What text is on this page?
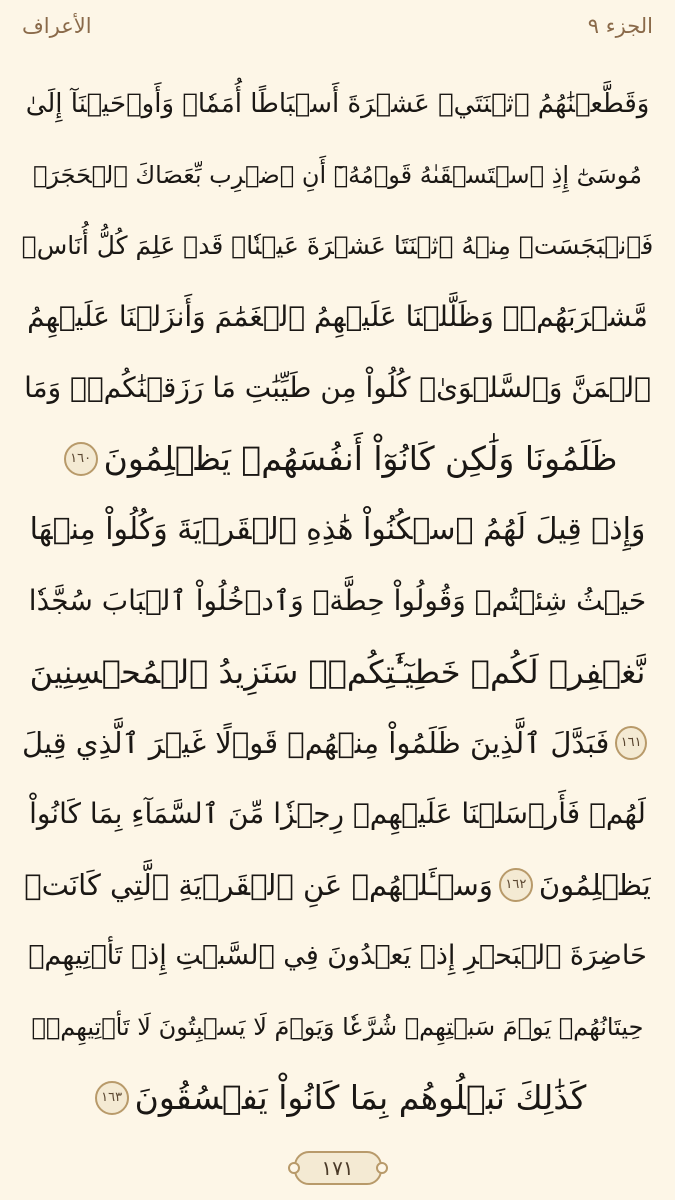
الجزء ٩
الأعراف
وَقَطَّعۡنَٰهُمُ ٱثۡنَتَيۡ عَشۡرَةَ أَسۡبَاطًا أُمَمٗاۚ وَأَوۡحَيۡنَآ إِلَىٰ
مُوسَىٰٓ إِذِ ٱسۡتَسۡقَىٰهُ قَوۡمُهُۥٓ أَنِ ٱضۡرِب بِّعَصَاكَ ٱلۡحَجَرَۖ
فَٱنۢبَجَسَتۡ مِنۡهُ ٱثۡنَتَا عَشۡرَةَ عَيۡنٗاۖ قَدۡ عَلِمَ كُلُّ أُنَاسٖ
مَّشۡرَبَهُمۡۚ وَظَلَّلۡنَا عَلَيۡهِمُ ٱلۡغَمَٰمَ وَأَنزَلۡنَا عَلَيۡهِمُ
ٱلۡمَنَّ وَٱلسَّلۡوَىٰۖ كُلُواْ مِن طَيِّبَٰتِ مَا رَزَقۡنَٰكُمۡۚ وَمَا
ظَلَمُونَا وَلَٰكِن كَانُوٓاْ أَنفُسَهُمۡ يَظۡلِمُونَ
١٦٠
وَإِذۡ قِيلَ لَهُمُ ٱسۡكُنُواْ هَٰذِهِ ٱلۡقَرۡيَةَ وَكُلُواْ مِنۡهَا
حَيۡثُ شِئۡتُمۡ وَقُولُواْ حِطَّةٞ وَٱدۡخُلُواْ ٱلۡبَابَ سُجَّدٗا
نَّغۡفِرۡ لَكُمۡ خَطِيٓـَٰٔتِكُمۡۚ سَنَزِيدُ ٱلۡمُحۡسِنِينَ
١٦١
فَبَدَّلَ ٱلَّذِينَ ظَلَمُواْ مِنۡهُمۡ قَوۡلًا غَيۡرَ ٱلَّذِي قِيلَ
لَهُمۡ فَأَرۡسَلۡنَا عَلَيۡهِمۡ رِجۡزٗا مِّنَ ٱلسَّمَآءِ بِمَا كَانُواْ
يَظۡلِمُونَ
١٦٢
وَسۡـَٔلۡهُمۡ عَنِ ٱلۡقَرۡيَةِ ٱلَّتِي كَانَتۡ
حَاضِرَةَ ٱلۡبَحۡرِ إِذۡ يَعۡدُونَ فِي ٱلسَّبۡتِ إِذۡ تَأۡتِيهِمۡ
حِيتَانُهُمۡ يَوۡمَ سَبۡتِهِمۡ شُرَّعٗا وَيَوۡمَ لَا يَسۡبِتُونَ لَا تَأۡتِيهِمۡۚ
كَذَٰلِكَ نَبۡلُوهُم بِمَا كَانُواْ يَفۡسُقُونَ
١٦٣
١٧١
